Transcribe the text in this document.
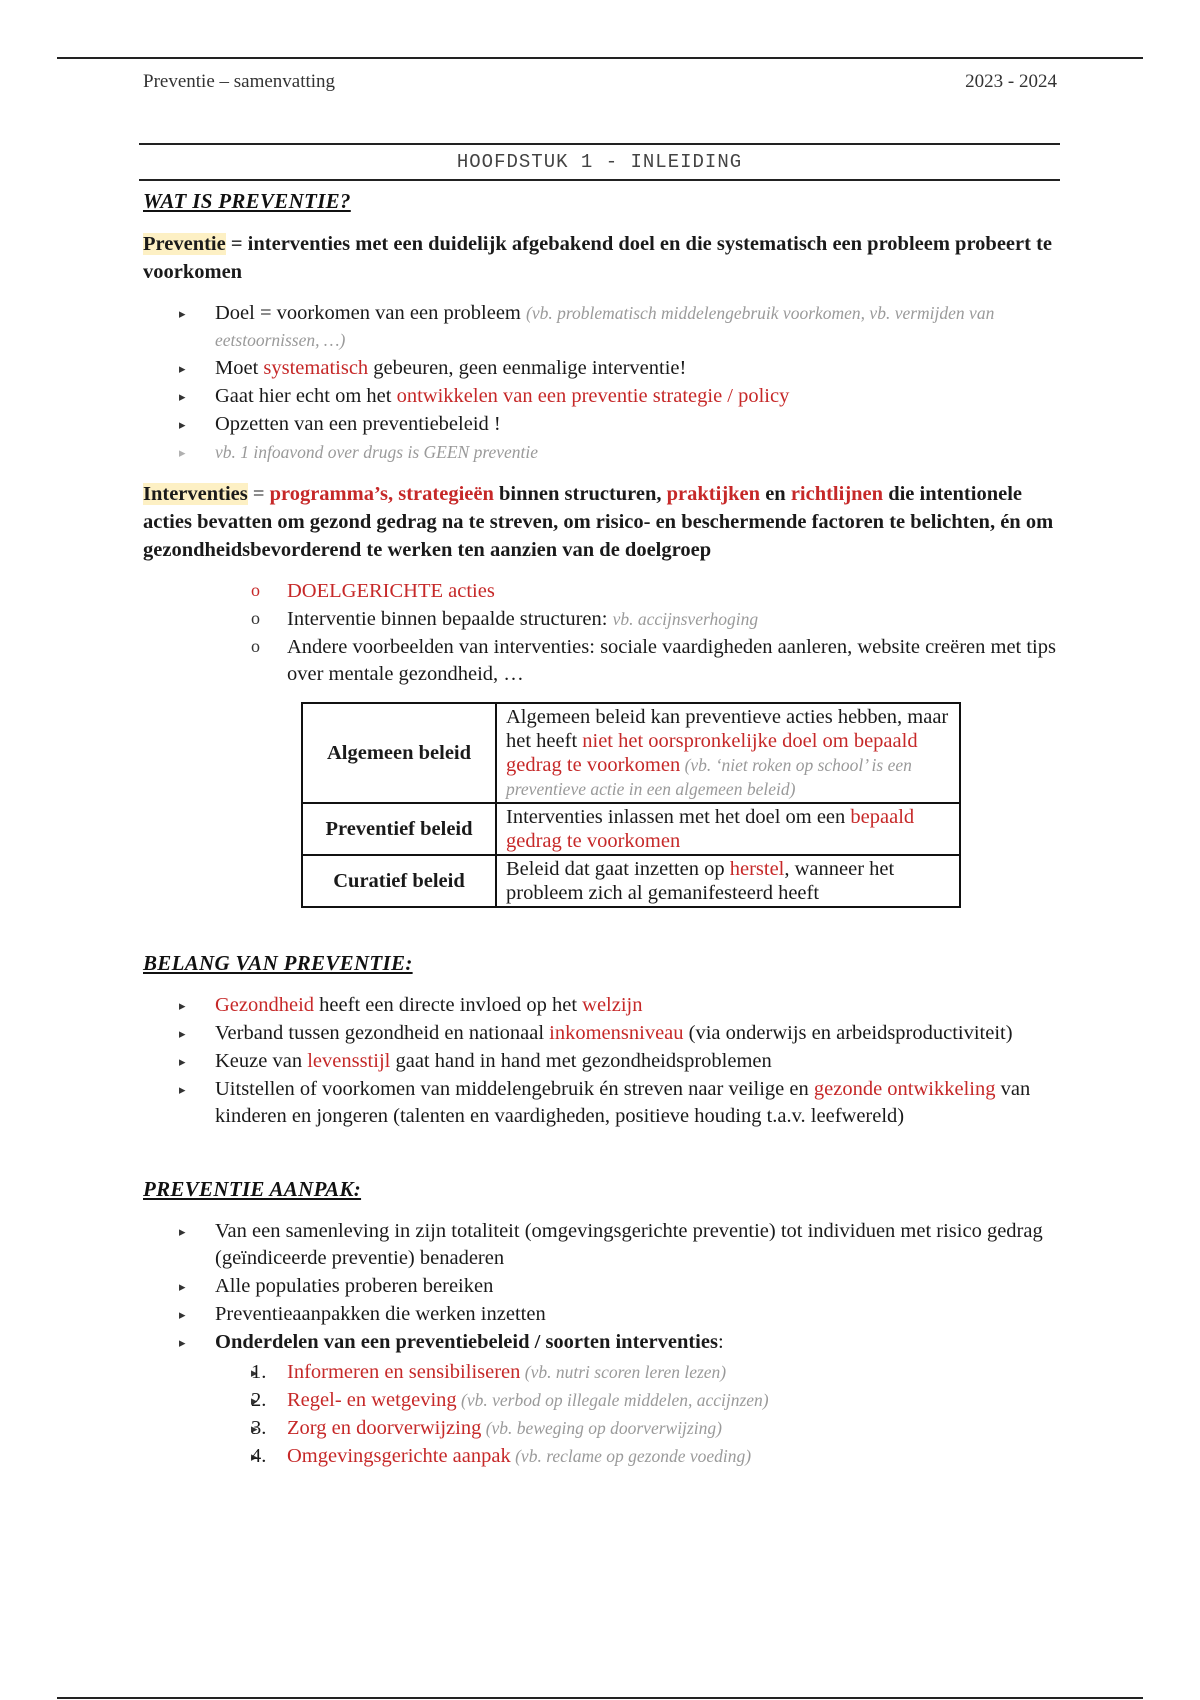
Preventie – samenvatting	2023 - 2024
HOOFDSTUK 1 - INLEIDING
WAT IS PREVENTIE?

Preventie = interventies met een duidelijk afgebakend doel en die systematisch een probleem probeert te voorkomen

▸ Doel = voorkomen van een probleem (vb. problematisch middelengebruik voorkomen, vb. vermijden van eetstoornissen, …)
▸ Moet systematisch gebeuren, geen eenmalige interventie!
▸ Gaat hier echt om het ontwikkelen van een preventie strategie / policy
▸ Opzetten van een preventiebeleid !
▸ vb. 1 infoavond over drugs is GEEN preventie

Interventies = programma’s, strategieën binnen structuren, praktijken en richtlijnen die intentionele acties bevatten om gezond gedrag na te streven, om risico- en beschermende factoren te belichten, én om gezondheidsbevorderend te werken ten aanzien van de doelgroep

o DOELGERICHTE acties
o Interventie binnen bepaalde structuren: vb. accijnsverhoging
o Andere voorbeelden van interventies: sociale vaardigheden aanleren, website creëren met tips over mentale gezondheid, …
Algemeen beleid	Algemeen beleid kan preventieve acties hebben, maar het heeft niet het oorspronkelijke doel om bepaald gedrag te voorkomen (vb. ‘niet roken op school’ is een preventieve actie in een algemeen beleid)
Preventief beleid	Interventies inlassen met het doel om een bepaald gedrag te voorkomen
Curatief beleid	Beleid dat gaat inzetten op herstel, wanneer het probleem zich al gemanifesteerd heeft
BELANG VAN PREVENTIE:
▸ Gezondheid heeft een directe invloed op het welzijn
▸ Verband tussen gezondheid en nationaal inkomensniveau (via onderwijs en arbeidsproductiviteit)
▸ Keuze van levensstijl gaat hand in hand met gezondheidsproblemen
▸ Uitstellen of voorkomen van middelengebruik én streven naar veilige en gezonde ontwikkeling van kinderen en jongeren (talenten en vaardigheden, positieve houding t.a.v. leefwereld)
PREVENTIE AANPAK:
▸ Van een samenleving in zijn totaliteit (omgevingsgerichte preventie) tot individuen met risico gedrag (geïndiceerde preventie) benaderen
▸ Alle populaties proberen bereiken
▸ Preventieaanpakken die werken inzetten
▸ Onderdelen van een preventiebeleid / soorten interventies:
▸ 1. Informeren en sensibiliseren (vb. nutri scoren leren lezen)
▸ 2. Regel- en wetgeving (vb. verbod op illegale middelen, accijnzen)
▸ 3. Zorg en doorverwijzing (vb. beweging op doorverwijzing)
▸ 4. Omgevingsgerichte aanpak (vb. reclame op gezonde voeding)
